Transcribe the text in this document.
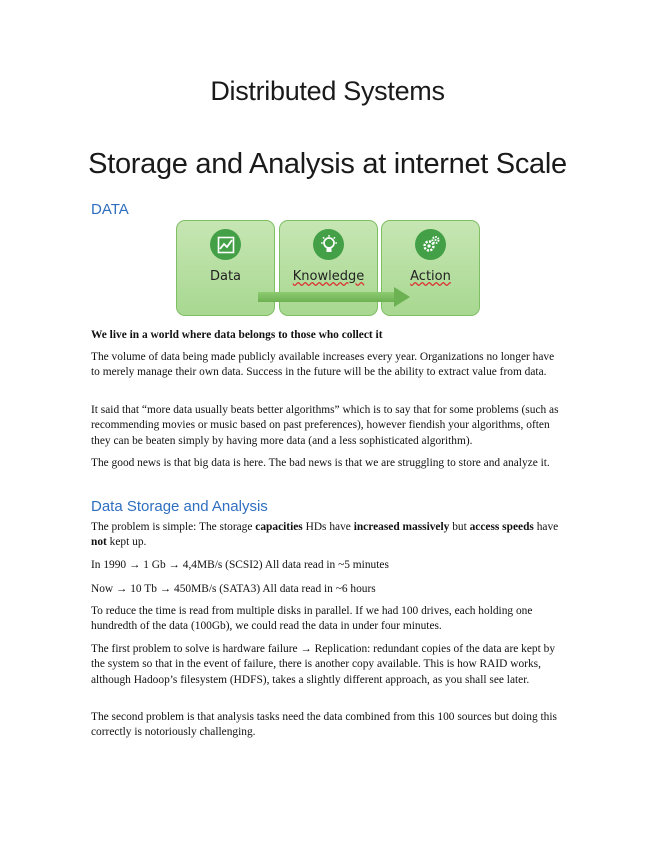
Distributed Systems
Storage and Analysis at internet Scale
DATA
Data	Knowledge	Action

We live in a world where data belongs to those who collect it

The volume of data being made publicly available increases every year. Organizations no longer have to merely manage their own data. Success in the future will be the ability to extract value from data.

It said that “more data usually beats better algorithms” which is to say that for some problems (such as recommending movies or music based on past preferences), however fiendish your algorithms, often they can be beaten simply by having more data (and a less sophisticated algorithm).

The good news is that big data is here. The bad news is that we are struggling to store and analyze it.

Data Storage and Analysis

The problem is simple: The storage capacities HDs have increased massively but access speeds have not kept up.

In 1990 → 1 Gb → 4,4MB/s (SCSI2) All data read in ~5 minutes

Now → 10 Tb → 450MB/s (SATA3) All data read in ~6 hours

To reduce the time is read from multiple disks in parallel. If we had 100 drives, each holding one hundredth of the data (100Gb), we could read the data in under four minutes.

The first problem to solve is hardware failure → Replication: redundant copies of the data are kept by the system so that in the event of failure, there is another copy available. This is how RAID works, although Hadoop’s filesystem (HDFS), takes a slightly different approach, as you shall see later.

The second problem is that analysis tasks need the data combined from this 100 sources but doing this correctly is notoriously challenging.
